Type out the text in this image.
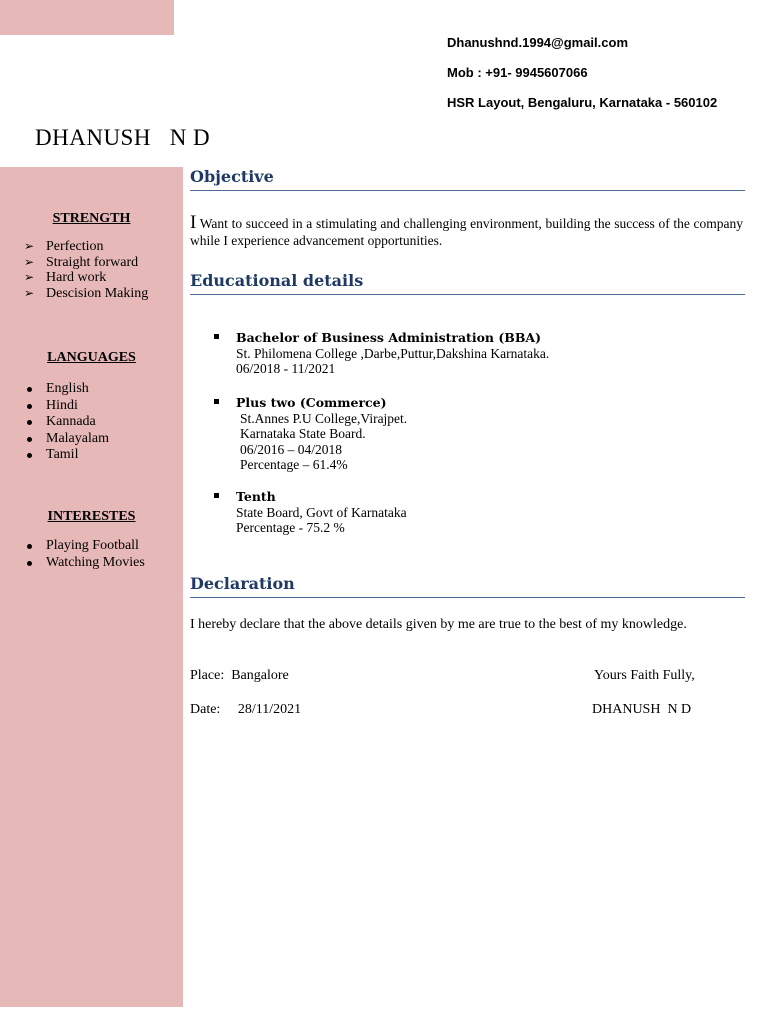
Dhanushnd.1994@gmail.com
Mob : +91- 9945607066
HSR Layout, Bengaluru, Karnataka - 560102
DHANUSH   N D
STRENGTH
➢ Perfection
➢ Straight forward
➢ Hard work
➢ Descision Making
LANGUAGES
English
Hindi
Kannada
Malayalam
Tamil
INTERESTES
Playing Football
Watching Movies
Objective
I Want to succeed in a stimulating and challenging environment, building the success of the company while I experience advancement opportunities.
Educational details
Bachelor of Business Administration (BBA)
St. Philomena College ,Darbe,Puttur,Dakshina Karnataka.
06/2018 - 11/2021
Plus two (Commerce)
St.Annes P.U College,Virajpet.
Karnataka State Board.
06/2016 – 04/2018
Percentage – 61.4%
Tenth
State Board, Govt of Karnataka
Percentage - 75.2 %
Declaration
I hereby declare that the above details given by me are true to the best of my knowledge.
Place:  Bangalore
Date:     28/11/2021
Yours Faith Fully,
DHANUSH  N D
